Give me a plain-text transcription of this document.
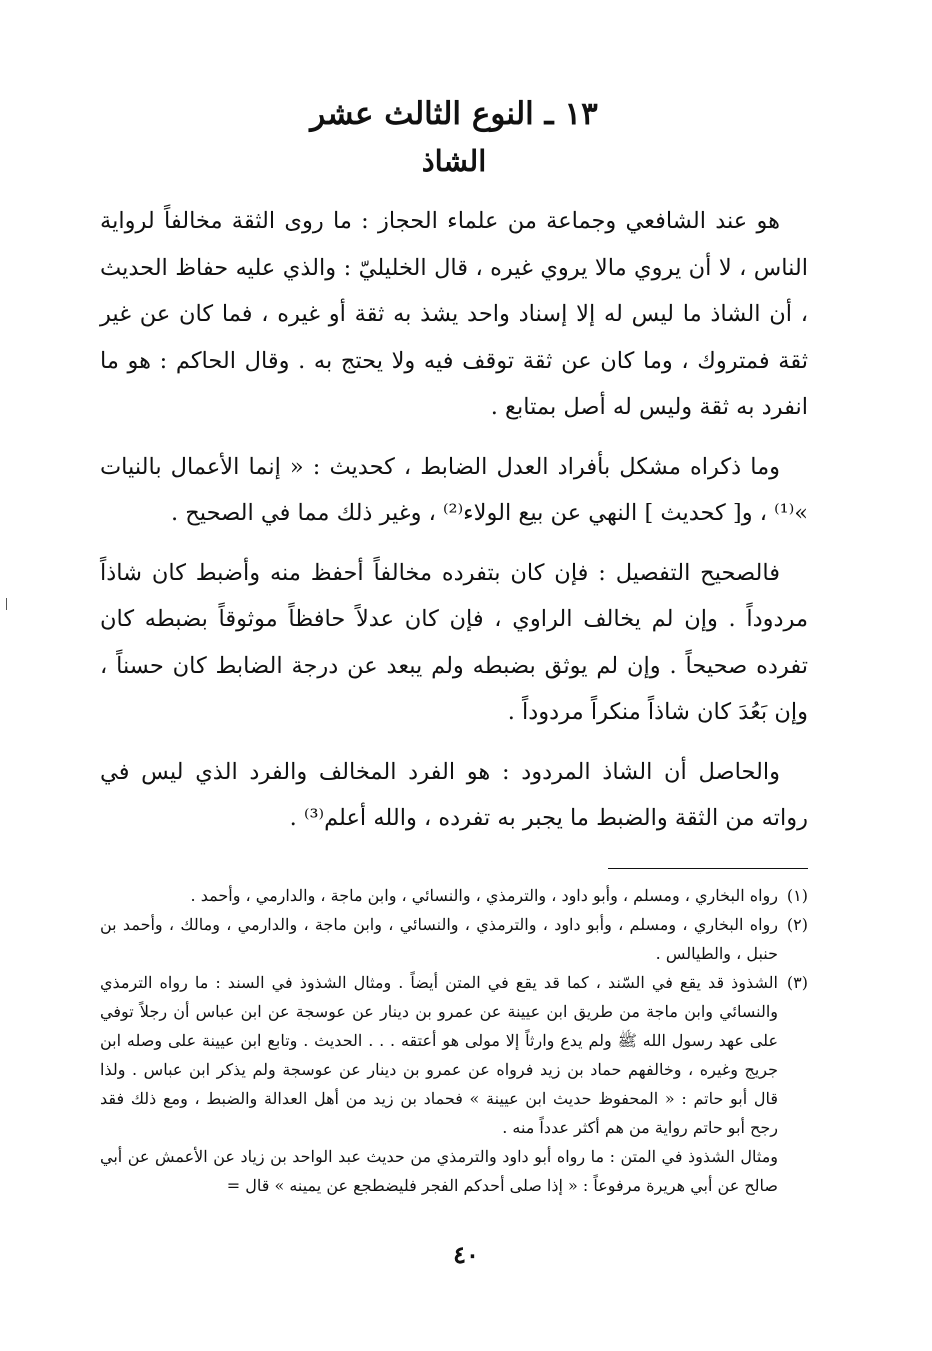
١٣ ـ النوع الثالث عشر
الشاذ

هو عند الشافعي وجماعة من علماء الحجاز : ما روى الثقة مخالفاً لرواية الناس ، لا أن يروي مالا يروي غيره ، قال الخليليّ : والذي عليه حفاظ الحديث ، أن الشاذ ما ليس له إلا إسناد واحد يشذ به ثقة أو غيره ، فما كان عن غير ثقة فمتروك ، وما كان عن ثقة توقف فيه ولا يحتج به . وقال الحاكم : هو ما انفرد به ثقة وليس له أصل بمتابع .

وما ذكراه مشكل بأفراد العدل الضابط ، كحديث : « إنما الأعمال بالنيات »⁽¹⁾ ، و[ كحديث ] النهي عن بيع الولاء⁽²⁾ ، وغير ذلك مما في الصحيح .

فالصحيح التفصيل : فإن كان بتفرده مخالفاً أحفظ منه وأضبط كان شاذاً مردوداً . وإن لم يخالف الراوي ، فإن كان عدلاً حافظاً موثوقاً بضبطه كان تفرده صحيحاً . وإن لم يوثق بضبطه ولم يبعد عن درجة الضابط كان حسناً ، وإن بَعُدَ كان شاذاً منكراً مردوداً .

والحاصل أن الشاذ المردود : هو الفرد المخالف والفرد الذي ليس في رواته من الثقة والضبط ما يجبر به تفرده ، والله أعلم⁽³⁾ .

(١)
رواه البخاري ، ومسلم ، وأبو داود ، والترمذي ، والنسائي ، وابن ماجة ، والدارمي ، وأحمد .

(٢)
رواه البخاري ، ومسلم ، وأبو داود ، والترمذي ، والنسائي ، وابن ماجة ، والدارمي ، ومالك ، وأحمد بن حنبل ، والطيالس .

(٣)
الشذوذ قد يقع في السّند ، كما قد يقع في المتن أيضاً . ومثال الشذوذ في السند : ما رواه الترمذي والنسائي وابن ماجة من طريق ابن عيينة عن عمرو بن دينار عن عوسجة عن ابن عباس أن رجلاً توفي على عهد رسول الله ﷺ ولم يدع وارثاً إلا مولى هو أعتقه . . . الحديث . وتابع ابن عيينة على وصله ابن جريج وغيره ، وخالفهم حماد بن زيد فرواه عن عمرو بن دينار عن عوسجة ولم يذكر ابن عباس . ولذا قال أبو حاتم : « المحفوظ حديث ابن عيينة » فحماد بن زيد من أهل العدالة والضبط ، ومع ذلك فقد رجح أبو حاتم رواية من هم أكثر عدداً منه .

ومثال الشذوذ في المتن : ما رواه أبو داود والترمذي من حديث عبد الواحد بن زياد عن الأعمش عن أبي صالح عن أبي هريرة مرفوعاً : « إذا صلى أحدكم الفجر فليضطجع عن يمينه » قال =

٤٠
